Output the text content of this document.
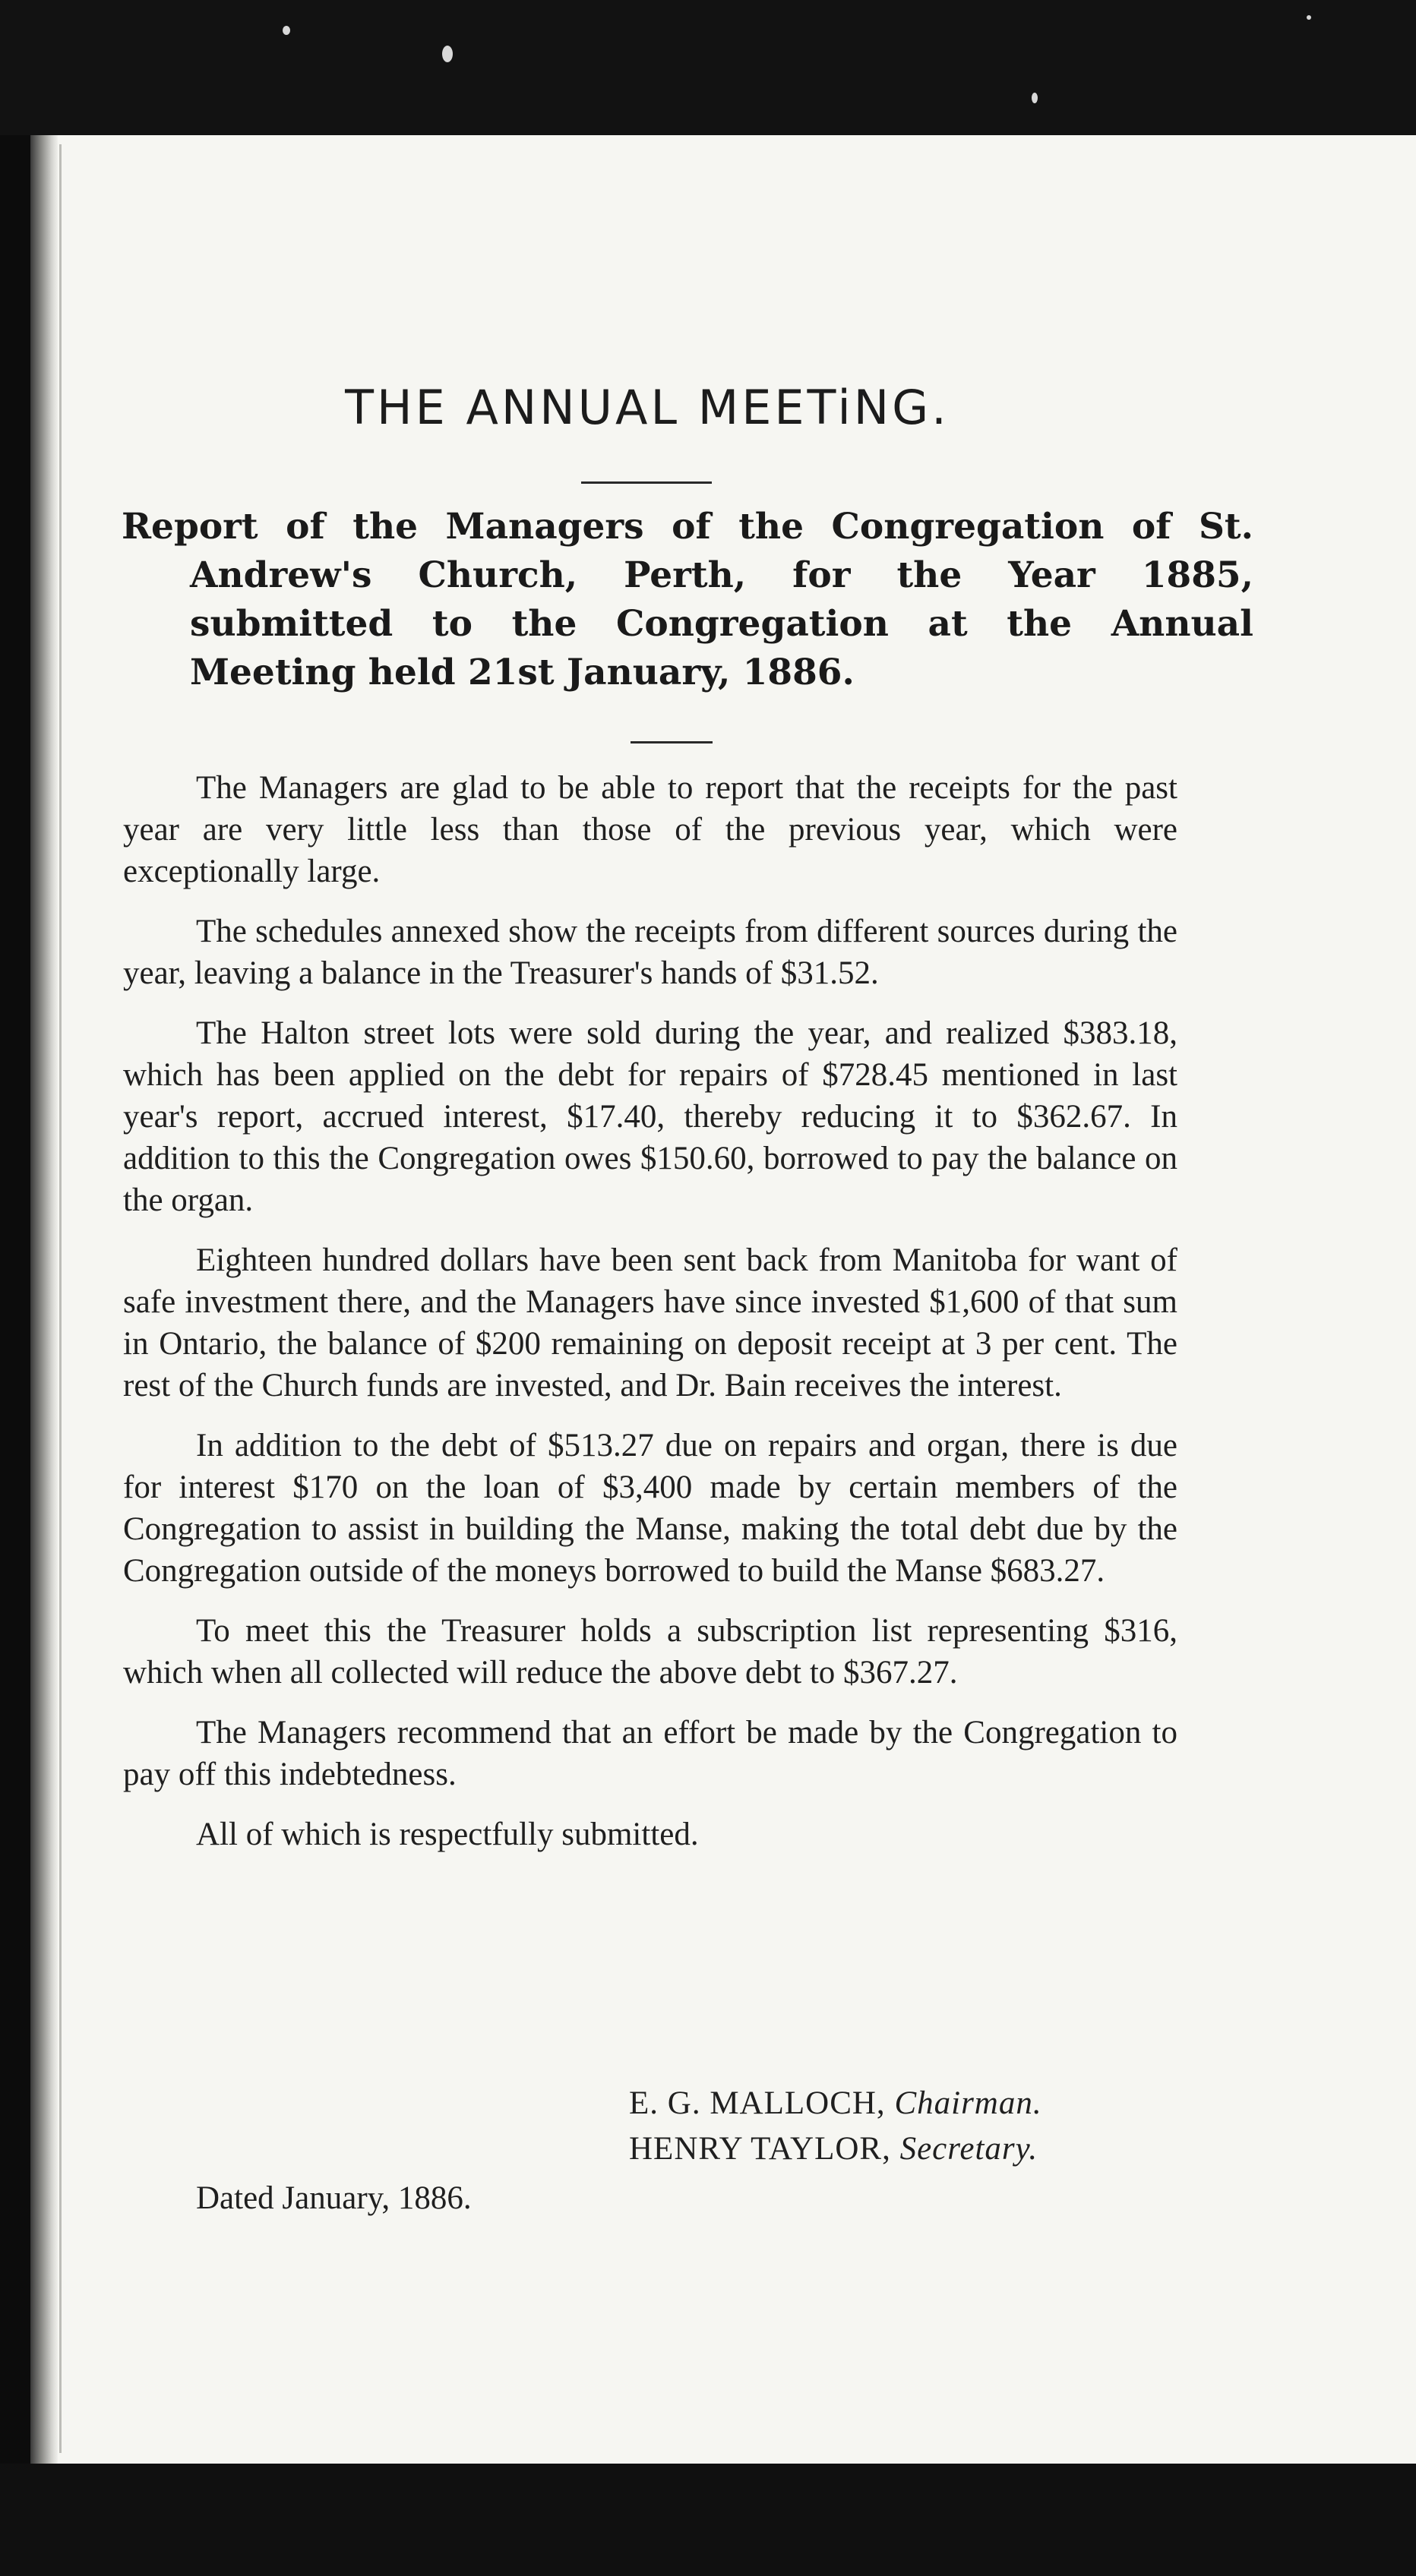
THE ANNUAL MEETiNG.
Report of the Managers of the Congregation of St. Andrew's Church, Perth, for the Year 1885, submitted to the Congregation at the Annual Meeting held 21st January, 1886.

The Managers are glad to be able to report that the receipts for the past year are very little less than those of the previous year, which were exceptionally large.

The schedules annexed show the receipts from different sources during the year, leaving a balance in the Treasurer's hands of $31.52.

The Halton street lots were sold during the year, and realized $383.18, which has been applied on the debt for repairs of $728.45 mentioned in last year's report, accrued interest, $17.40, thereby reducing it to $362.67. In addition to this the Congregation owes $150.60, borrowed to pay the balance on the organ.

Eighteen hundred dollars have been sent back from Manitoba for want of safe investment there, and the Managers have since invested $1,600 of that sum in Ontario, the balance of $200 remaining on deposit receipt at 3 per cent. The rest of the Church funds are invested, and Dr. Bain receives the interest.

In addition to the debt of $513.27 due on repairs and organ, there is due for interest $170 on the loan of $3,400 made by certain members of the Congregation to assist in building the Manse, making the total debt due by the Congregation outside of the moneys borrowed to build the Manse $683.27.

To meet this the Treasurer holds a subscription list representing $316, which when all collected will reduce the above debt to $367.27.

The Managers recommend that an effort be made by the Congregation to pay off this indebtedness.

All of which is respectfully submitted.

E. G. MALLOCH, Chairman.
HENRY TAYLOR, Secretary.
Dated January, 1886.
